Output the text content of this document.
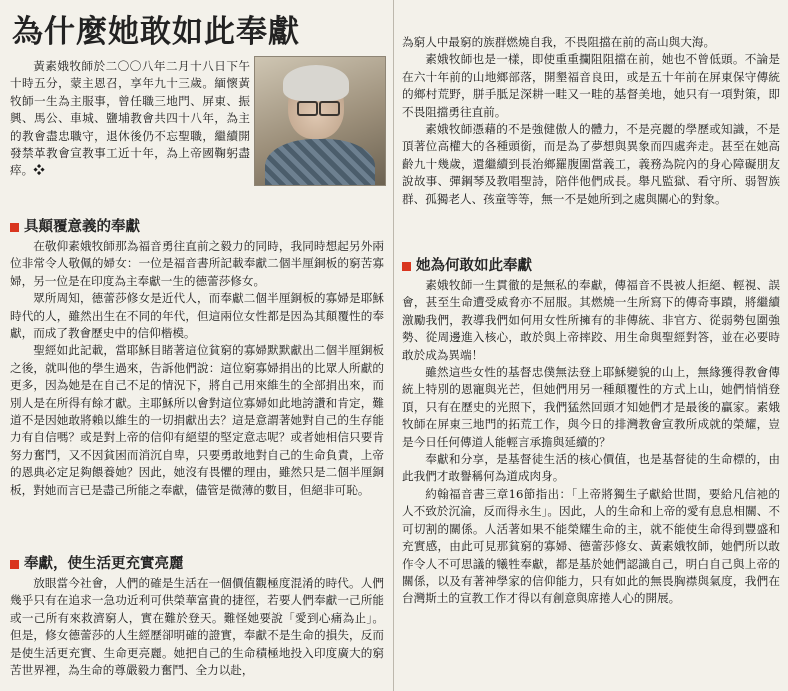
為什麼她敢如此奉獻

黃素娥牧師於二〇〇八年二月十八日下午十時五分，蒙主恩召，享年九十三歲。緬懷黃牧師一生為主服事，曾任職三地門、屏東、振興、馬公、車城、鹽埔教會共四十八年，為主的教會盡忠職守，退休後仍不忘聖職，繼續開發禁革教會宣教事工近十年，為上帝國鞠躬盡瘁。❖

具顛覆意義的奉獻

在敬仰素娥牧師那為福音勇往直前之毅力的同時，我同時想起另外兩位非常令人敬佩的婦女：一位是福音書所記載奉獻二個半厘銅板的窮苦寡婦，另一位是在印度為主奉獻一生的德蕾莎修女。

眾所周知，德蕾莎修女是近代人，而奉獻二個半厘銅板的寡婦是耶穌時代的人，雖然出生在不同的年代，但這兩位女性都是因為其顛覆性的奉獻，而成了教會歷史中的信仰楷模。

聖經如此記載，當耶穌目睹著這位貧窮的寡婦默默獻出二個半厘銅板之後，就叫他的學生過來，告訴他們說：這位窮寡婦捐出的比眾人所獻的更多，因為她是在自己不足的情況下，將自己用來維生的全部捐出來，而別人是在所得有餘才獻。主耶穌所以會對這位寡婦如此地誇讚和肯定，難道不是因她敢將賴以維生的一切捐獻出去？這是意謂著她對自己的生存能力有自信嗎？或是對上帝的信仰有絕望的堅定意志呢？或者她相信只要肯努力奮鬥，又不因貧困而消沉自卑，只要勇敢地對自己的生命負責，上帝的恩典必定足夠餵養她？因此，她沒有畏懼的理由，雖然只是二個半厘銅板，對她而言已是盡己所能之奉獻，儘管是微薄的數目，但絕非可恥。

奉獻，使生活更充實亮麗

放眼當今社會，人們的確是生活在一個價值觀極度混淆的時代。人們幾乎只有在追求一急功近利可供榮華富貴的捷徑，若要人們奉獻一己所能或一己所有來救濟窮人，實在難於登天。難怪她要說「愛到心痛為止」。但是，修女德蕾莎的人生經歷卻明確的證實，奉獻不是生命的損失，反而是使生活更充實、生命更亮麗。她把自己的生命積極地投入印度廣大的窮苦世界裡，為生命的尊嚴毅力奮鬥、全力以赴，

為窮人中最窮的族群燃燒自我，不畏阻擋在前的高山與大海。

素娥牧師也是一樣，即使重重攔阻阻擋在前，她也不曾低頭。不論是在六十年前的山地鄉部落，開墾福音良田，或是五十年前在屏東保守傳統的鄉村荒野，胼手胝足深耕一畦又一畦的基督美地，她只有一項對策，即不畏阻擋勇往直前。

素娥牧師憑藉的不是強健傲人的體力，不是亮麗的學歷或知識，不是頂著位高權大的各種頭銜，而是為了夢想與異象而四處奔走。甚至在她高齡九十幾歲，還繼續到長治鄉羅腹圍當義工，義務為院內的身心障礙朋友說故事、彈鋼琴及教唱聖詩，陪伴他們成長。舉凡監獄、看守所、弱智族群、孤獨老人、孩童等等，無一不是她所到之處與關心的對象。

她為何敢如此奉獻

素娥牧師一生貫徹的是無私的奉獻，傳福音不畏被人拒絕、輕視、誤會，甚至生命遭受威脅亦不屈服。其燃燒一生所寫下的傳奇事蹟，將繼續激勵我們，教導我們如何用女性所擁有的非傳統、非官方、從弱勢包圍強勢、從周邊進入核心，敢於與上帝摔跤、用生命與聖經對答，並在必要時敢於成為異端！

雖然這些女性的基督忠僕無法登上耶穌變貌的山上，無緣獲得教會傳統上特別的恩寵與光芒，但她們用另一種顛覆性的方式上山，她們悄悄登頂，只有在歷史的光照下，我們猛然回頭才知她們才是最後的贏家。素娥牧師在屏東三地門的拓荒工作，與今日的排灣教會宣教所成就的榮耀，豈是今日任何傳道人能輕言承擔與延續的？

奉獻和分享，是基督徒生活的核心價值，也是基督徒的生命標的，由此我們才敢譽稱何為道成肉身。

約翰福音書三章16節指出：「上帝將獨生子獻給世間，要給凡信祂的人不致於沉淪，反而得永生」。因此，人的生命和上帝的愛有息息相關、不可切割的關係。人活著如果不能榮耀生命的主，就不能使生命得到豐盛和充實感，由此可見那貧窮的寡婦、德蕾莎修女、黃素娥牧師，她們所以敢作令人不可思議的犧牲奉獻，都是基於她們認識自己，明白自己與上帝的關係，以及有著神學家的信仰能力，只有如此的無畏胸襟與氣度，我們在台灣斯土的宣教工作才得以有創意與席捲人心的開展。
